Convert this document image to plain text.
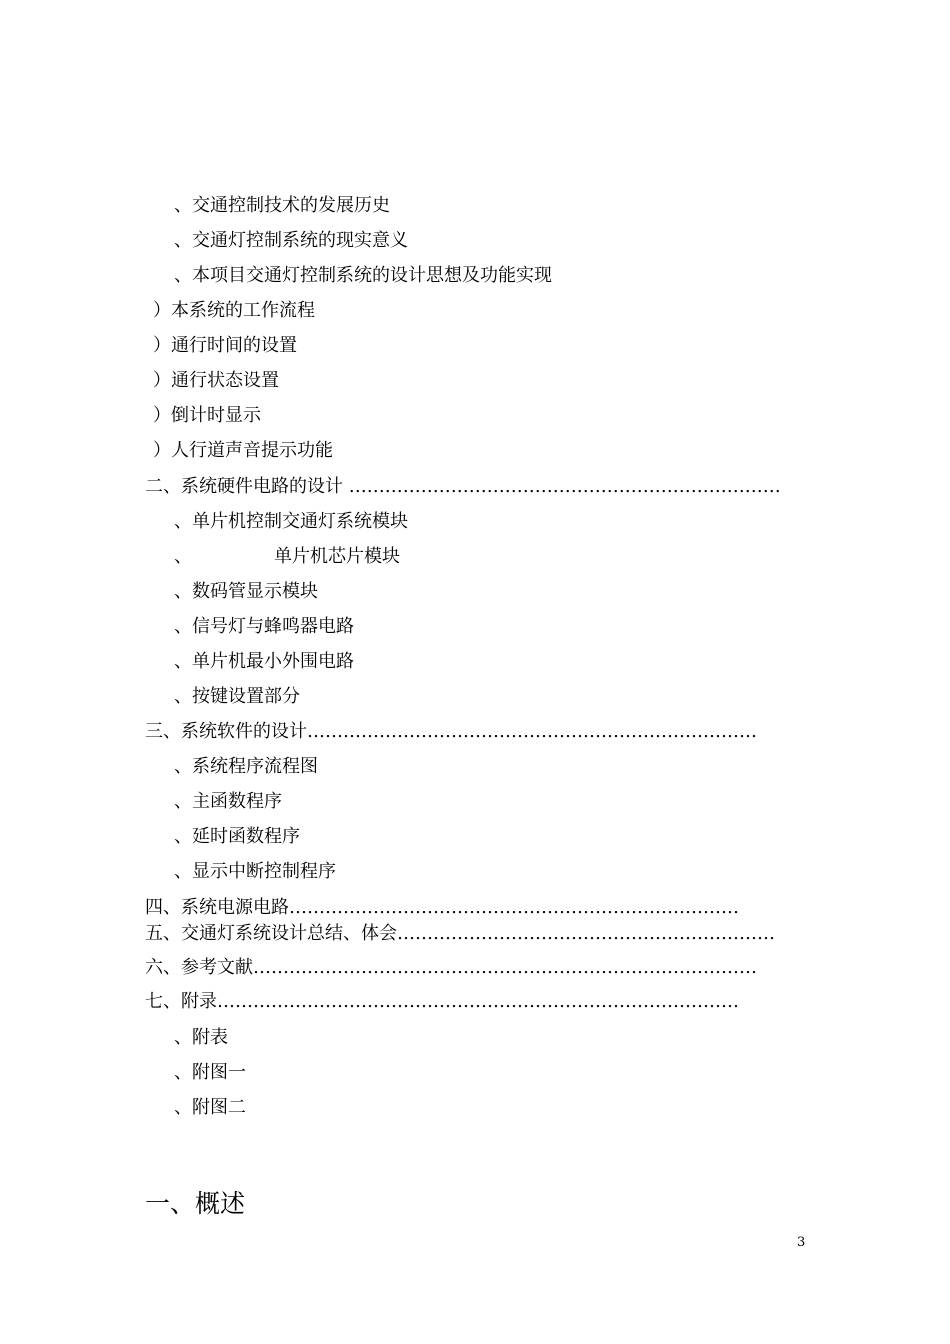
、交通控制技术的发展历史
、交通灯控制系统的现实意义
、本项目交通灯控制系统的设计思想及功能实现
）本系统的工作流程
）通行时间的设置
）通行状态设置
）倒计时显示
）人行道声音提示功能
二、系统硬件电路的设计 ………………………………………………………………
、单片机控制交通灯系统模块
、	单片机芯片模块
、数码管显示模块
、信号灯与蜂鸣器电路
、单片机最小外围电路
、按键设置部分
三、系统软件的设计…………………………………………………………………
、系统程序流程图
、主函数程序
、延时函数程序
、显示中断控制程序
四、系统电源电路…………………………………………………………………
五、交通灯系统设计总结、体会………………………………………………………
六、参考文献…………………………………………………………………………
七、附录……………………………………………………………………………
、附表
、附图一
、附图二
一、概述
3
